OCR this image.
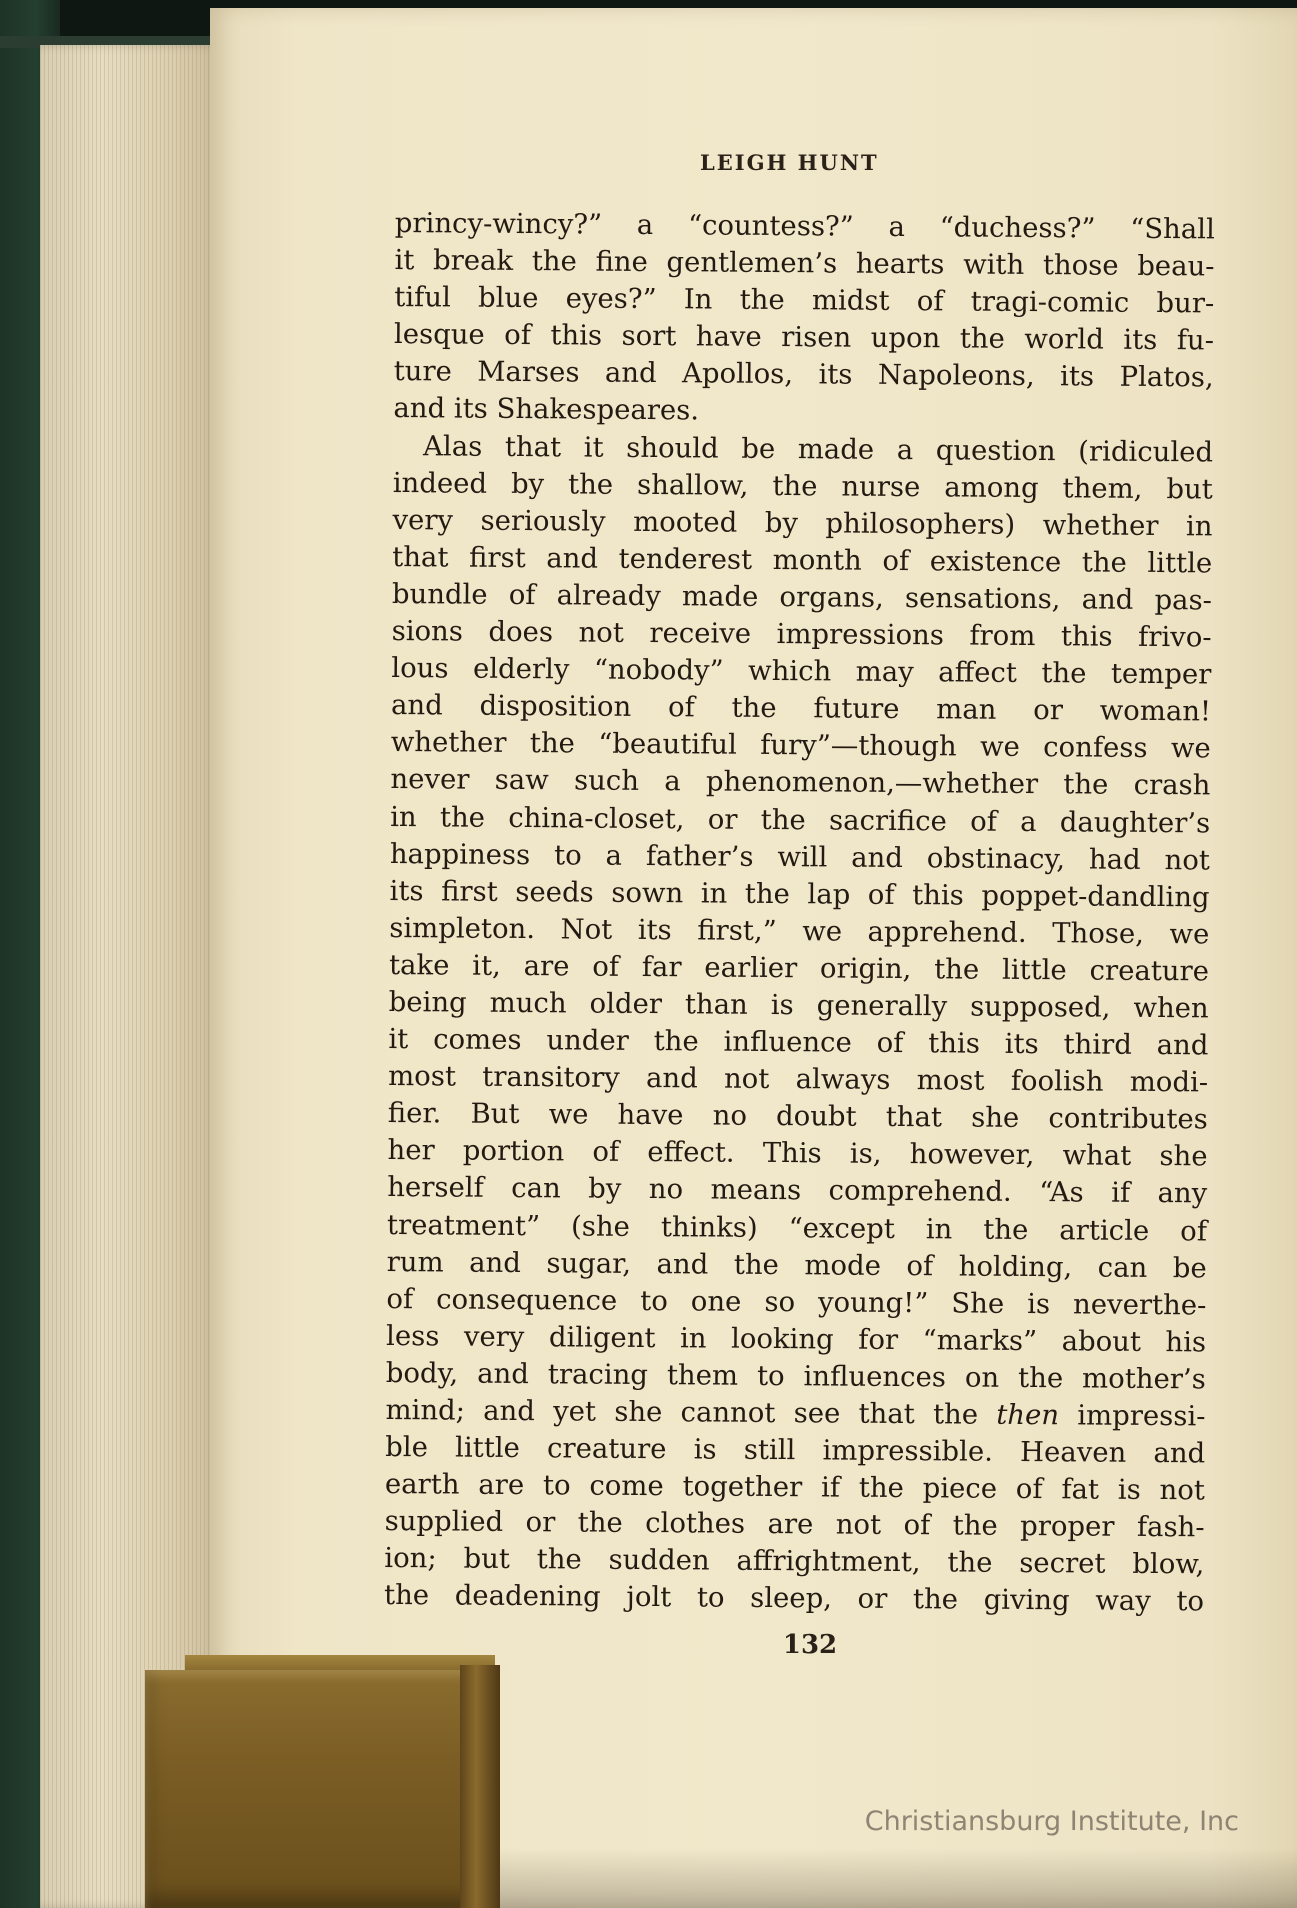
LEIGH HUNT
princy-wincy?” a “countess?” a “duchess?” “Shall
it break the fine gentlemen’s hearts with those beau-
tiful blue eyes?” In the midst of tragi-comic bur-
lesque of this sort have risen upon the world its fu-
ture Marses and Apollos, its Napoleons, its Platos,
and its Shakespeares.
Alas that it should be made a question (ridiculed
indeed by the shallow, the nurse among them, but
very seriously mooted by philosophers) whether in
that first and tenderest month of existence the little
bundle of already made organs, sensations, and pas-
sions does not receive impressions from this frivo-
lous elderly “nobody” which may affect the temper
and disposition of the future man or woman!
whether the “beautiful fury”—though we confess we
never saw such a phenomenon,—whether the crash
in the china-closet, or the sacrifice of a daughter’s
happiness to a father’s will and obstinacy, had not
its first seeds sown in the lap of this poppet-dandling
simpleton. Not its first,” we apprehend. Those, we
take it, are of far earlier origin, the little creature
being much older than is generally supposed, when
it comes under the influence of this its third and
most transitory and not always most foolish modi-
fier. But we have no doubt that she contributes
her portion of effect. This is, however, what she
herself can by no means comprehend. “As if any
treatment” (she thinks) “except in the article of
rum and sugar, and the mode of holding, can be
of consequence to one so young!” She is neverthe-
less very diligent in looking for “marks” about his
body, and tracing them to influences on the mother’s
mind; and yet she cannot see that the then impressi-
ble little creature is still impressible. Heaven and
earth are to come together if the piece of fat is not
supplied or the clothes are not of the proper fash-
ion; but the sudden affrightment, the secret blow,
the deadening jolt to sleep, or the giving way to
132
Christiansburg Institute, Inc
